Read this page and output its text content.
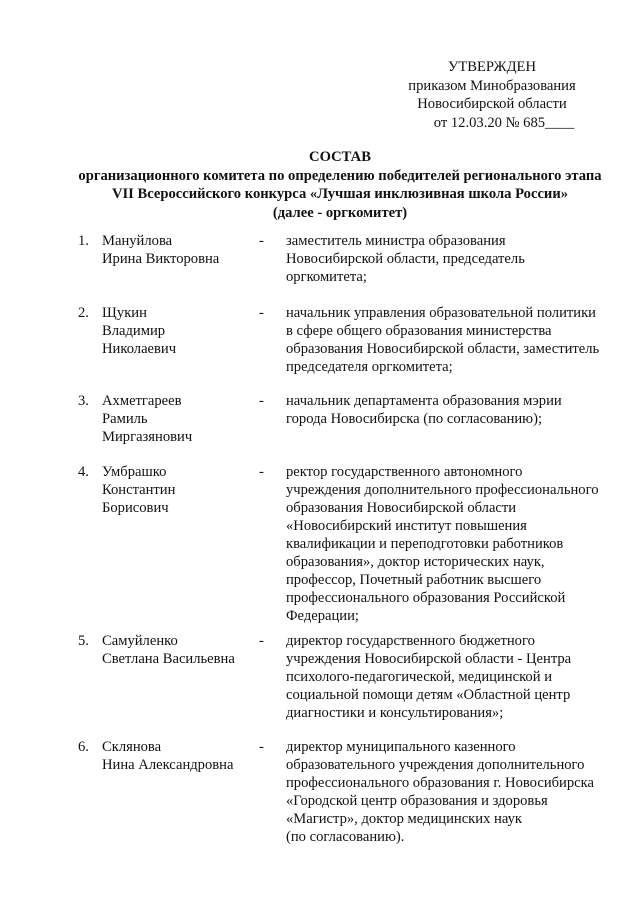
УТВЕРЖДЕН
приказом Минобразования
Новосибирской области
от 12.03.20 № 685____
СОСТАВ
организационного комитета по определению победителей регионального этапа
VII Всероссийского конкурса «Лучшая инклюзивная школа России»
(далее - оргкомитет)
1. Мануйлова
Ирина Викторовна
- заместитель министра образования
Новосибирской области, председатель
оргкомитета;
2. Щукин
Владимир
Николаевич
- начальник управления образовательной политики
в сфере общего образования министерства
образования Новосибирской области, заместитель
председателя оргкомитета;
3. Ахметгареев
Рамиль
Миргазянович
- начальник департамента образования мэрии
города Новосибирска (по согласованию);
4. Умбрашко
Константин
Борисович
- ректор государственного автономного
учреждения дополнительного профессионального
образования Новосибирской области
«Новосибирский институт повышения
квалификации и переподготовки работников
образования», доктор исторических наук,
профессор, Почетный работник высшего
профессионального образования Российской
Федерации;
5. Самуйленко
Светлана Васильевна
- директор государственного бюджетного
учреждения Новосибирской области - Центра
психолого-педагогической, медицинской и
социальной помощи детям «Областной центр
диагностики и консультирования»;
6. Склянова
Нина Александровна
- директор муниципального казенного
образовательного учреждения дополнительного
профессионального образования г. Новосибирска
«Городской центр образования и здоровья
«Магистр», доктор медицинских наук
(по согласованию).
